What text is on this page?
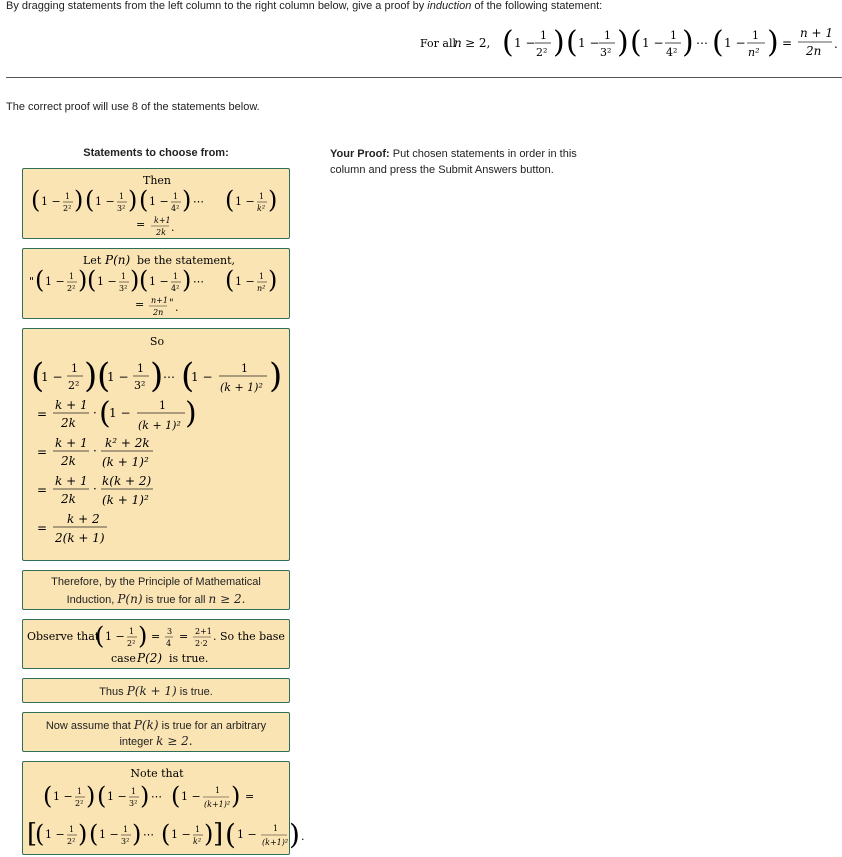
By dragging statements from the left column to the right column below, give a proof by induction of the following statement:
For all
n ≥ 2, ( 1 −
1
2² ) ( 1 −
1
3² ) ( 1 −
1
4² ) ⋯ ( 1 −
1
n² ) =
n + 1
2n .
The correct proof will use 8 of the statements below.
Statements to choose from:	Your Proof: Put chosen statements in order in this column and press the Submit Answers button.
Then
( 1 − 1
2² ) ( 1 − 1
3² ) ( 1 − 1
4² ) ⋯ ( 1 − 1
k² )
= k+1
2k .
Let P(n) be the statement,
" ( 1 − 1
2² ) ( 1 − 1
3² ) ( 1 − 1
4² ) ⋯ ( 1 − 1
n² )
= n+1
2n
" .
So
(
1 −
1
2² ) (
1 −
1
3² ) ⋯ (
1 −
1
(k + 1)² )
=
k + 1
2k
· (
1 −
1
(k + 1)² )
=
k + 1
2k
·
k² + 2k
(k + 1)²
=
k + 1
2k
·
k(k + 2)
(k + 1)²
=
k + 2
2(k + 1)
Therefore, by the Principle of Mathematical
Induction, P(n) is true for all n ≥ 2.
Observe that
( 1 − 1
2² ) = 3
4
= 2+1
2·2
. So the base
case P(2) is true.
Thus P(k + 1) is true.
Now assume that P(k) is true for an arbitrary
integer k ≥ 2.
Note that
( 1 − 1
2² ) ( 1 − 1
3² ) ⋯ ( 1 − 1
(k+1)² ) =
[
( 1 − 1
2² ) ( 1 − 1
3² ) ⋯ ( 1 − 1
k² ) ] ( 1 − 1
(k+1)² ) .
